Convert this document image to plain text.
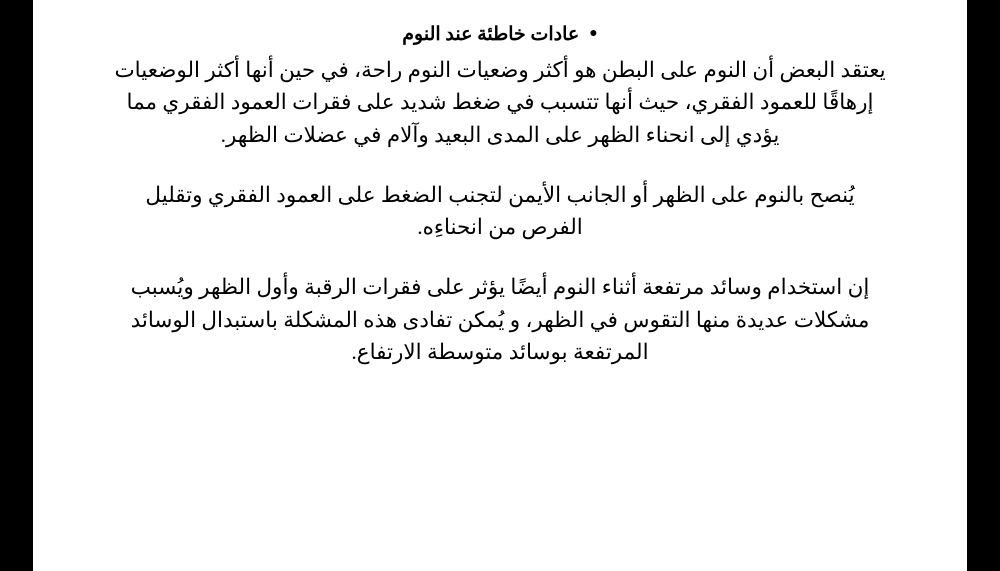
●
عادات خاطئة عند النوم

يعتقد البعض أن النوم على البطن هو أكثر وضعيات النوم راحة، في حين أنها أكثر الوضعيات إرهاقًا للعمود الفقري، حيث أنها تتسبب في ضغط شديد على فقرات العمود الفقري مما يؤدي إلى انحناء الظهر على المدى البعيد وآلام في عضلات الظهر.

يُنصح بالنوم على الظهر أو الجانب الأيمن لتجنب الضغط على العمود الفقري وتقليل الفرص من انحناءِه.

إن استخدام وسائد مرتفعة أثناء النوم أيضًا يؤثر على فقرات الرقبة وأول الظهر ويُسبب مشكلات عديدة منها التقوس في الظهر، و يُمكن تفادى هذه المشكلة باستبدال الوسائد المرتفعة بوسائد متوسطة الارتفاع.
